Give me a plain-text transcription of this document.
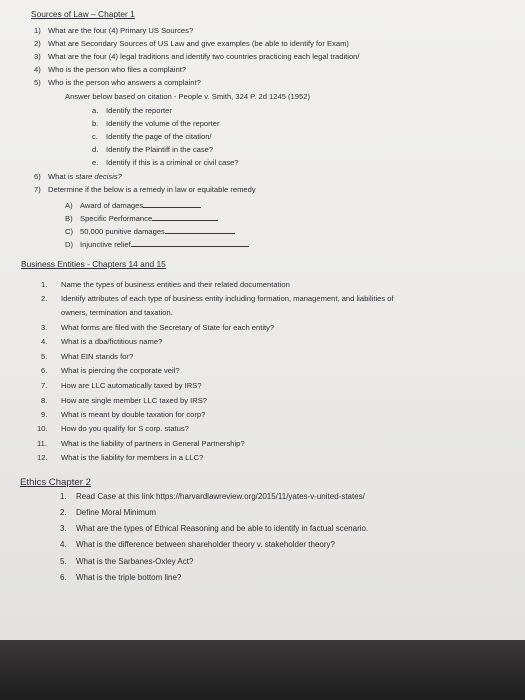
Sources of Law – Chapter 1
1) What are the four (4) Primary US Sources?
2) What are Secondary Sources of US Law and give examples (be able to identify for Exam)
3) What are the four (4) legal traditions and identify two countries practicing each legal tradition/
4) Who is the person who files a complaint?
5) Who is the person who answers a complaint?
Answer below based on citation - People v. Smith, 324 P. 2d 1245 (1952)
a. Identify the reporter
b. Identify the volume of the reporter
c. Identify the page of the citation/
d. Identify the Plaintiff in the case?
e. Identify if this is a criminal or civil case?
6) What is stare decisis?
7) Determine if the below is a remedy in law or equitable remedy
A) Award of damages
B) Specific Performance
C) 50,000 punitive damages
D) Injunctive relief
Business Entities - Chapters 14 and 15
1. Name the types of business entities and their related documentation
2. Identify attributes of each type of business entity including formation, management, and liabilities of
owners, termination and taxation.
3. What forms are filed with the Secretary of State for each entity?
4. What is a dba/fictitious name?
5. What EIN stands for?
6. What is piercing the corporate veil?
7. How are LLC automatically taxed by IRS?
8. How are single member LLC taxed by IRS?
9. What is meant by double taxation for corp?
10. How do you qualify for S corp. status?
11. What is the liability of partners in General Partnership?
12. What is the liability for members in a LLC?
Ethics Chapter 2
1. Read Case at this link https://harvardlawreview.org/2015/11/yates-v-united-states/
2. Define Moral Minimum
3. What are the types of Ethical Reasoning and be able to identify in factual scenario.
4. What is the difference between shareholder theory v. stakeholder theory?
5. What is the Sarbanes-Oxley Act?
6. What is the triple bottom line?
